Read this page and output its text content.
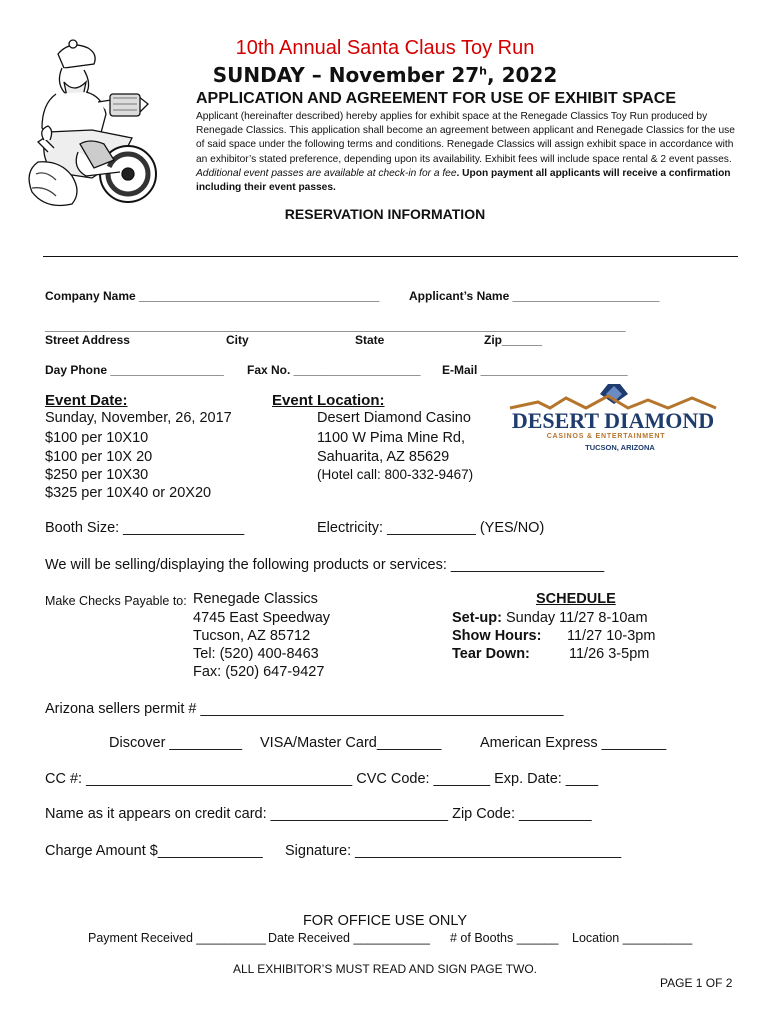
10th Annual Santa Claus Toy Run
SUNDAY – November 27$^h$, 2022
APPLICATION AND AGREEMENT FOR USE OF EXHIBIT SPACE
Applicant (hereinafter described) hereby applies for exhibit space at the Renegade Classics Toy Run produced by Renegade Classics. This application shall become an agreement between applicant and Renegade Classics for the use of said space under the following terms and conditions. Renegade Classics will assign exhibit space in accordance with an exhibitor’s stated preference, depending upon its availability. Exhibit fees will include space rental & 2 event passes. Additional event passes are available at check-in for a fee. Upon payment all applicants will receive a confirmation including their event passes.
RESERVATION INFORMATION
Company Name ____________________________________ Applicant’s Name ______________________
_______________________________________________________________________________________
Street Address	City	State	Zip______
Day Phone _________________ Fax No. ___________________ E-Mail ______________________
Event Date:
Sunday, November, 26, 2017
$100 per 10X10
$100 per 10X 20
$250 per 10X30
$325 per 10X40 or 20X20
Event Location:
Desert Diamond Casino
1100 W Pima Mine Rd,
Sahuarita, AZ 85629
(Hotel call: 800-332-9467)
DESERT DIAMOND
CASINOS & ENTERTAINMENT
TUCSON, ARIZONA
Booth Size: _______________	Electricity: ___________ (YES/NO)
We will be selling/displaying the following products or services: ___________________
Make Checks Payable to: Renegade Classics
4745 East Speedway
Tucson, AZ 85712
Tel: (520) 400-8463
Fax: (520) 647-9427
SCHEDULE
Set-up: Sunday 11/27 8-10am
Show Hours: 11/27 10-3pm
Tear Down:	11/26 3-5pm
Arizona sellers permit # _____________________________________________
Discover _________ VISA/Master Card________	American Express ________
CC #: _________________________________ CVC Code: _______ Exp. Date: ____
Name as it appears on credit card: ______________________ Zip Code: _________
Charge Amount $_____________ Signature: _________________________________
FOR OFFICE USE ONLY
Payment Received __________ Date Received ___________ # of Booths ______ Location __________
ALL EXHIBITOR’S MUST READ AND SIGN PAGE TWO.
PAGE 1 OF 2
